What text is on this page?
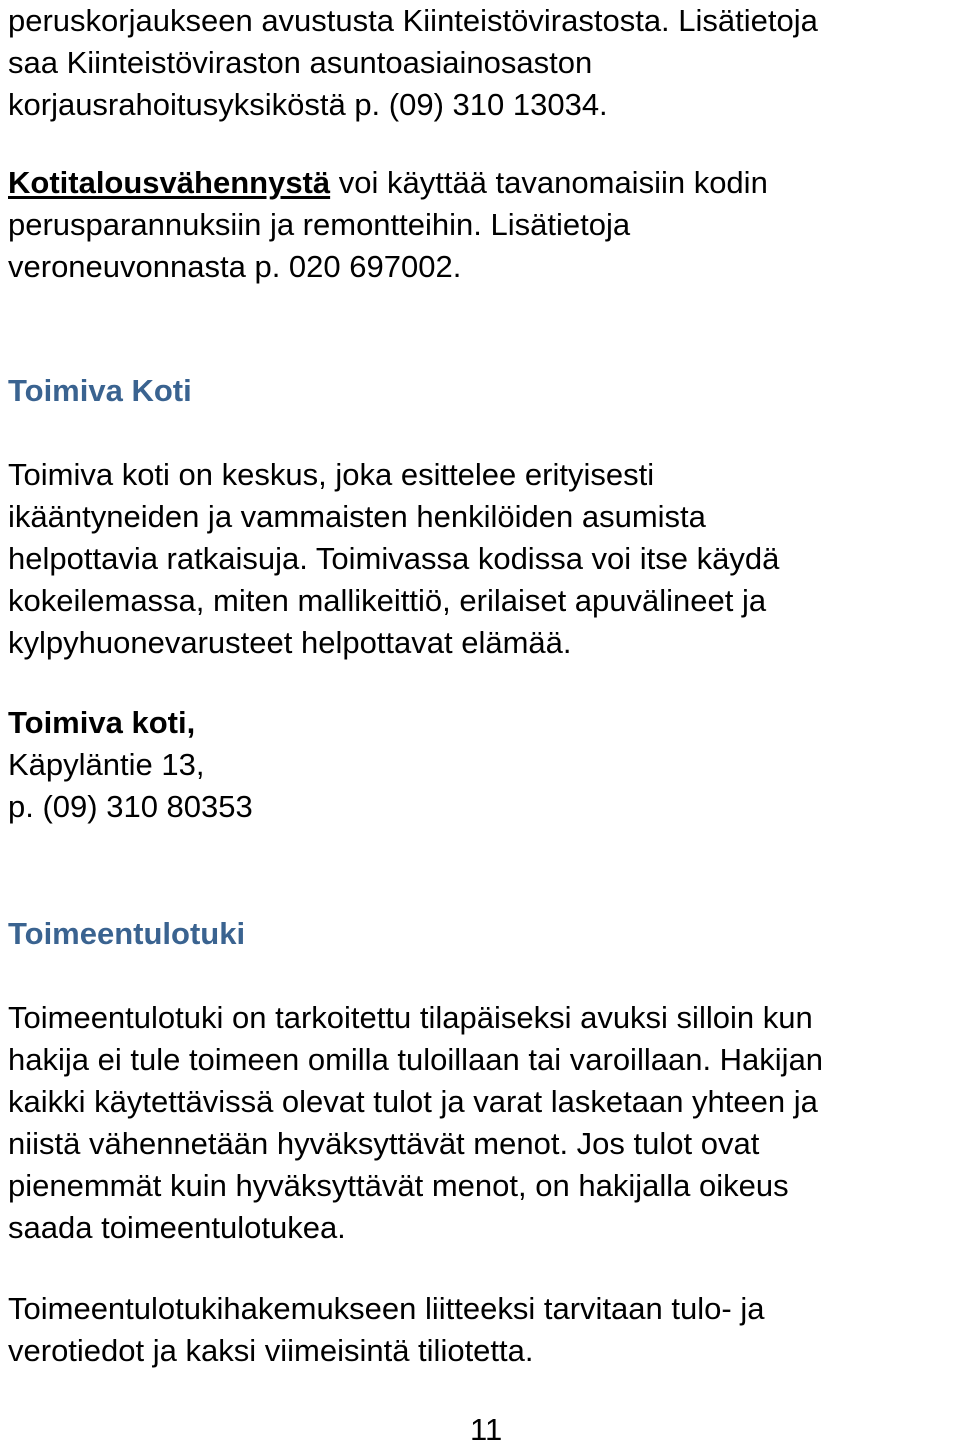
peruskorjaukseen avustusta Kiinteistövirastosta. Lisätietoja

saa Kiinteistöviraston asuntoasiainosaston

korjausrahoitusyksiköstä p. (09) 310 13034.

Kotitalousvähennystä voi käyttää tavanomaisiin kodin

perusparannuksiin ja remontteihin. Lisätietoja

veroneuvonnasta p. 020 697002.

Toimiva Koti

Toimiva koti on keskus, joka esittelee erityisesti

ikääntyneiden ja vammaisten henkilöiden asumista

helpottavia ratkaisuja. Toimivassa kodissa voi itse käydä

kokeilemassa, miten mallikeittiö, erilaiset apuvälineet ja

kylpyhuonevarusteet helpottavat elämää.

Toimiva koti,

Käpyläntie 13,

p. (09) 310 80353

Toimeentulotuki

Toimeentulotuki on tarkoitettu tilapäiseksi avuksi silloin kun

hakija ei tule toimeen omilla tuloillaan tai varoillaan. Hakijan

kaikki käytettävissä olevat tulot ja varat lasketaan yhteen ja

niistä vähennetään hyväksyttävät menot. Jos tulot ovat

pienemmät kuin hyväksyttävät menot, on hakijalla oikeus

saada toimeentulotukea.

Toimeentulotukihakemukseen liitteeksi tarvitaan tulo- ja

verotiedot ja kaksi viimeisintä tiliotetta.

11
